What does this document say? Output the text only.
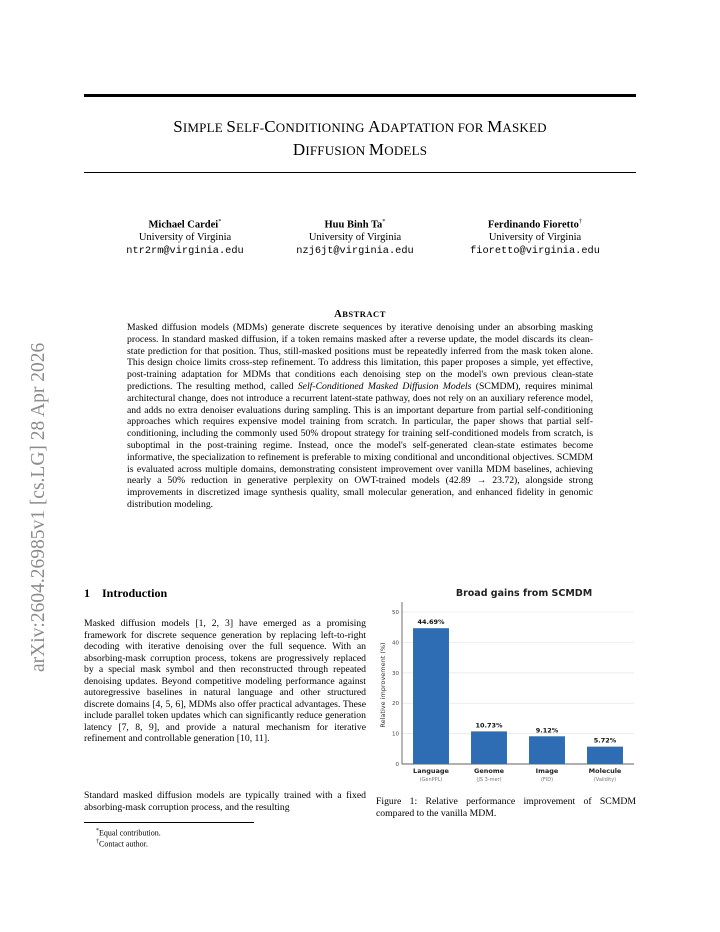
arXiv:2604.26985v1 [cs.LG] 28 Apr 2026
SIMPLE SELF-CONDITIONING ADAPTATION FOR MASKED
DIFFUSION MODELS
Michael Cardei*
University of Virginia
ntr2rm@virginia.edu
Huu Binh Ta*
University of Virginia
nzj6jt@virginia.edu
Ferdinando Fioretto†
University of Virginia
fioretto@virginia.edu
ABSTRACT
Masked diffusion models (MDMs) generate discrete sequences by iterative denoising under an absorbing masking process. In standard masked diffusion, if a token remains masked after a reverse update, the model discards its clean-state prediction for that position. Thus, still-masked positions must be repeatedly inferred from the mask token alone. This design choice limits cross-step refinement. To address this limitation, this paper proposes a simple, yet effective, post-training adaptation for MDMs that conditions each denoising step on the model's own previous clean-state predictions. The resulting method, called Self-Conditioned Masked Diffusion Models (SCMDM), requires minimal architectural change, does not introduce a recurrent latent-state pathway, does not rely on an auxiliary reference model, and adds no extra denoiser evaluations during sampling. This is an important departure from partial self-conditioning approaches which requires expensive model training from scratch. In particular, the paper shows that partial self-conditioning, including the commonly used 50% dropout strategy for training self-conditioned models from scratch, is suboptimal in the post-training regime. Instead, once the model's self-generated clean-state estimates become informative, the specialization to refinement is preferable to mixing conditional and unconditional objectives. SCMDM is evaluated across multiple domains, demonstrating consistent improvement over vanilla MDM baselines, achieving nearly a 50% reduction in generative perplexity on OWT-trained models (42.89 → 23.72), alongside strong improvements in discretized image synthesis quality, small molecular generation, and enhanced fidelity in genomic distribution modeling.
1 Introduction
Masked diffusion models [1, 2, 3] have emerged as a promising framework for discrete sequence generation by replacing left-to-right decoding with iterative denoising over the full sequence. With an absorbing-mask corruption process, tokens are progressively replaced by a special mask symbol and then reconstructed through repeated denoising updates. Beyond competitive modeling performance against autoregressive baselines in natural language and other structured discrete domains [4, 5, 6], MDMs also offer practical advantages. These include parallel token updates which can significantly reduce generation latency [7, 8, 9], and provide a natural mechanism for iterative refinement and controllable generation [10, 11].
Standard masked diffusion models are typically trained with a fixed absorbing-mask corruption process, and the resulting
*Equal contribution.
†Contact author.
Broad gains from SCMDM
0
10
20
30
40
50
Relative improvement (%)
44.69%
Language
(GenPPL)
10.73%
Genome
(JS 3-mer)
9.12%
Image
(FID)
5.72%
Molecule
(Validity)
Figure 1: Relative performance improvement of SCMDM compared to the vanilla MDM.
